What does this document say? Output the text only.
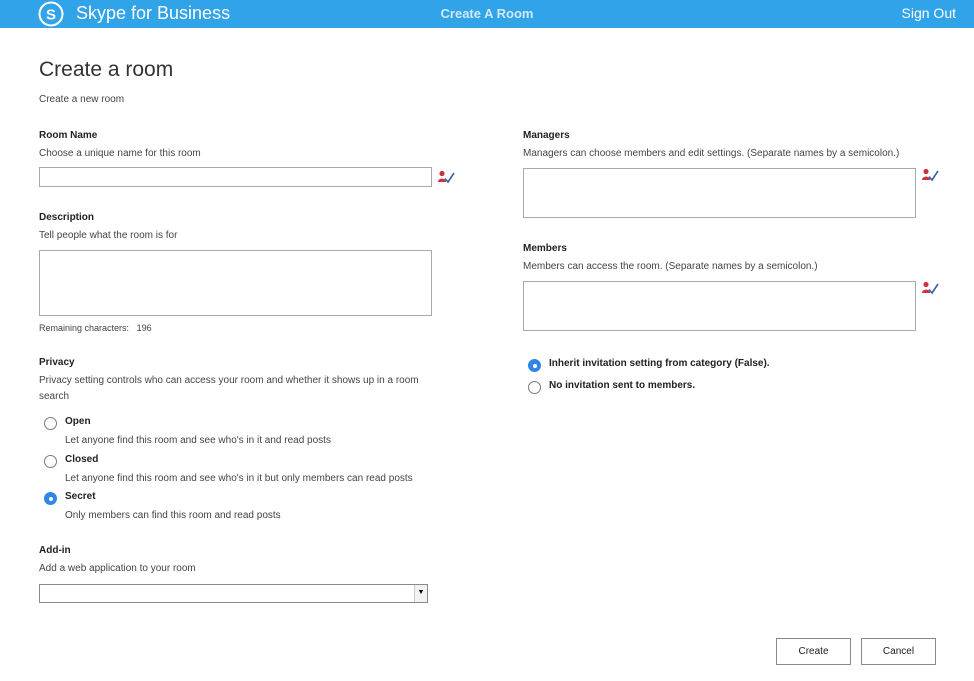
S Skype for Business	Create A Room	Sign Out
Create a room
Create a new room
Room Name
Choose a unique name for this room
Description
Tell people what the room is for
Remaining characters: 196
Privacy
Privacy setting controls who can access your room and whether it shows up in a room
search
Open
Let anyone find this room and see who's in it and read posts
Closed
Let anyone find this room and see who's in it but only members can read posts
Secret
Only members can find this room and read posts
Add-in
Add a web application to your room
▼
Managers
Managers can choose members and edit settings. (Separate names by a semicolon.)
Members
Members can access the room. (Separate names by a semicolon.)
Inherit invitation setting from category (False).
No invitation sent to members.
Create	Cancel
